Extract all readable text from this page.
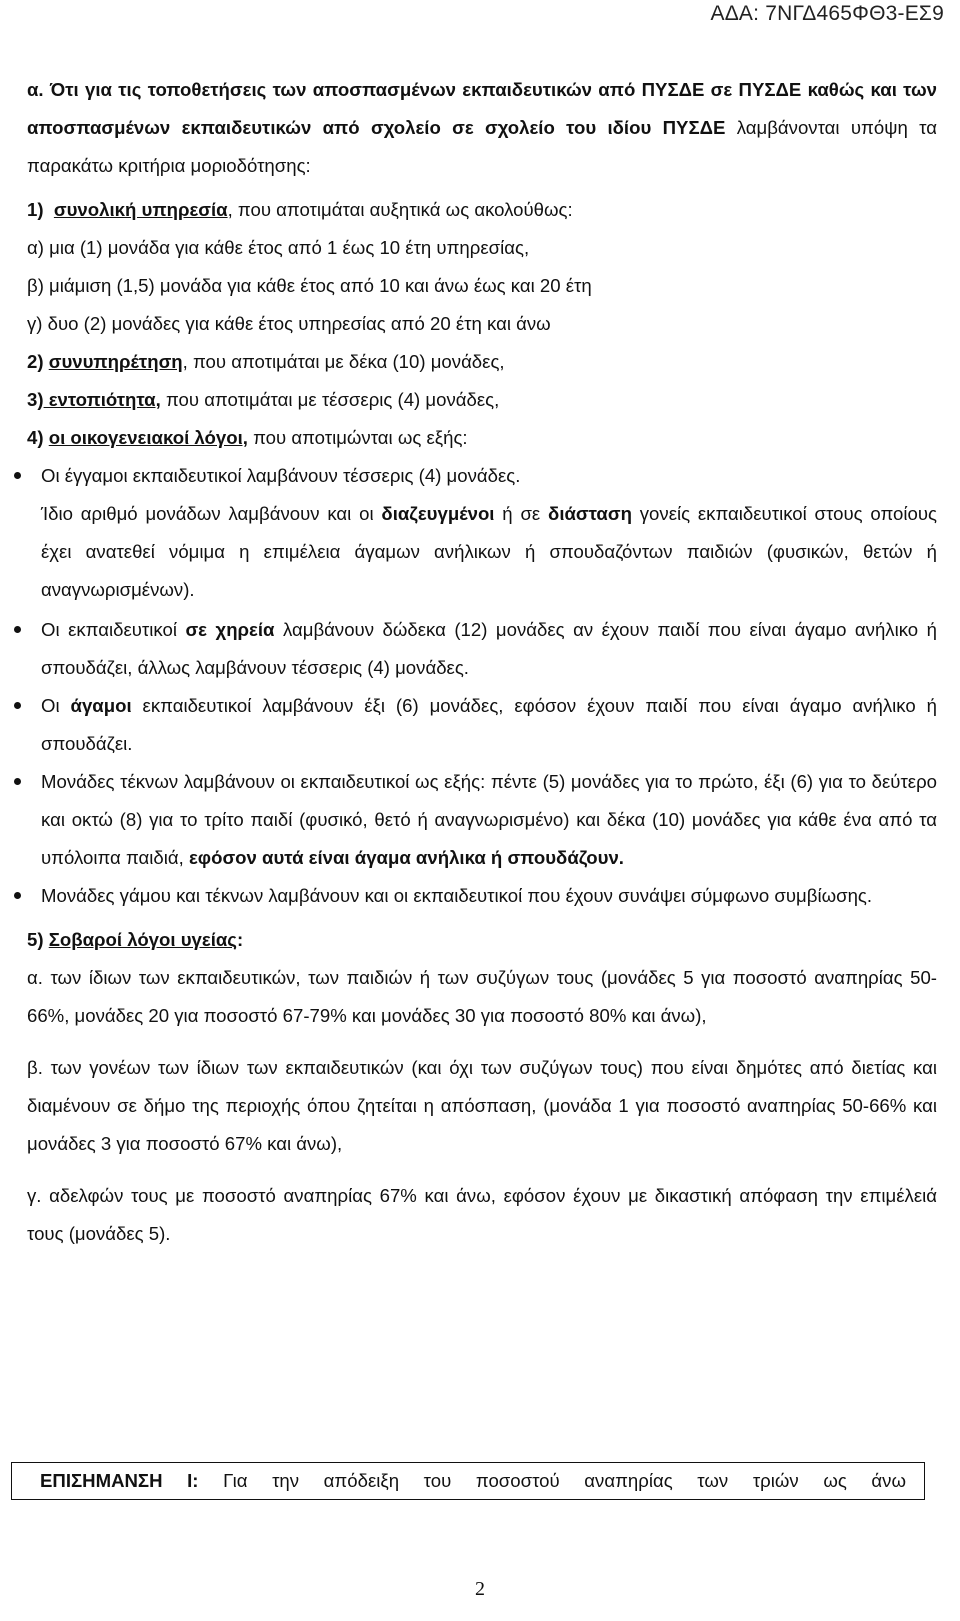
ΑΔΑ: 7ΝΓΔ465ΦΘ3-ΕΣ9

α. Ότι για τις τοποθετήσεις των αποσπασμένων εκπαιδευτικών από ΠΥΣΔΕ σε ΠΥΣΔΕ καθώς και των αποσπασμένων εκπαιδευτικών από σχολείο σε σχολείο του ιδίου ΠΥΣΔΕ λαμβάνονται υπόψη τα παρακάτω κριτήρια μοριοδότησης:

1) συνολική υπηρεσία, που αποτιμάται αυξητικά ως ακολούθως:

α) μια (1) μονάδα για κάθε έτος από 1 έως 10 έτη υπηρεσίας,

β) μιάμιση (1,5) μονάδα για κάθε έτος από 10 και άνω έως και 20 έτη

γ) δυο (2) μονάδες για κάθε έτος υπηρεσίας από 20 έτη και άνω

2) συνυπηρέτηση, που αποτιμάται με δέκα (10) μονάδες,

3) εντοπιότητα, που αποτιμάται με τέσσερις (4) μονάδες,

4) οι οικογενειακοί λόγοι, που αποτιμώνται ως εξής:

Οι έγγαμοι εκπαιδευτικοί λαμβάνουν τέσσερις (4) μονάδες.

Ίδιο αριθμό μονάδων λαμβάνουν και οι διαζευγμένοι ή σε διάσταση γονείς εκπαιδευτικοί στους οποίους έχει ανατεθεί νόμιμα η επιμέλεια άγαμων ανήλικων ή σπουδαζόντων παιδιών (φυσικών, θετών ή αναγνωρισμένων).

Οι εκπαιδευτικοί σε χηρεία λαμβάνουν δώδεκα (12) μονάδες αν έχουν παιδί που είναι άγαμο ανήλικο ή σπουδάζει, άλλως λαμβάνουν τέσσερις (4) μονάδες.
Οι άγαμοι εκπαιδευτικοί λαμβάνουν έξι (6) μονάδες, εφόσον έχουν παιδί που είναι άγαμο ανήλικο ή σπουδάζει.
Μονάδες τέκνων λαμβάνουν οι εκπαιδευτικοί ως εξής: πέντε (5) μονάδες για το πρώτο, έξι (6) για το δεύτερο και οκτώ (8) για το τρίτο παιδί (φυσικό, θετό ή αναγνωρισμένο) και δέκα (10) μονάδες για κάθε ένα από τα υπόλοιπα παιδιά, εφόσον αυτά είναι άγαμα ανήλικα ή σπουδάζουν.
Μονάδες γάμου και τέκνων λαμβάνουν και οι εκπαιδευτικοί που έχουν συνάψει σύμφωνο συμβίωσης.

5) Σοβαροί λόγοι υγείας:

α. των ίδιων των εκπαιδευτικών, των παιδιών ή των συζύγων τους (μονάδες 5 για ποσοστό αναπηρίας 50-66%, μονάδες 20 για ποσοστό 67-79% και μονάδες 30 για ποσοστό 80% και άνω),

β. των γονέων των ίδιων των εκπαιδευτικών (και όχι των συζύγων τους) που είναι δημότες από διετίας και διαμένουν σε δήμο της περιοχής όπου ζητείται η απόσπαση, (μονάδα 1 για ποσοστό αναπηρίας 50-66% και μονάδες 3 για ποσοστό 67% και άνω),

γ. αδελφών τους με ποσοστό αναπηρίας 67% και άνω, εφόσον έχουν με δικαστική απόφαση την επιμέλειά τους (μονάδες 5).

ΕΠΙΣΗΜΑΝΣΗ Ι: Για την απόδειξη του ποσοστού αναπηρίας των τριών ως άνω
2
